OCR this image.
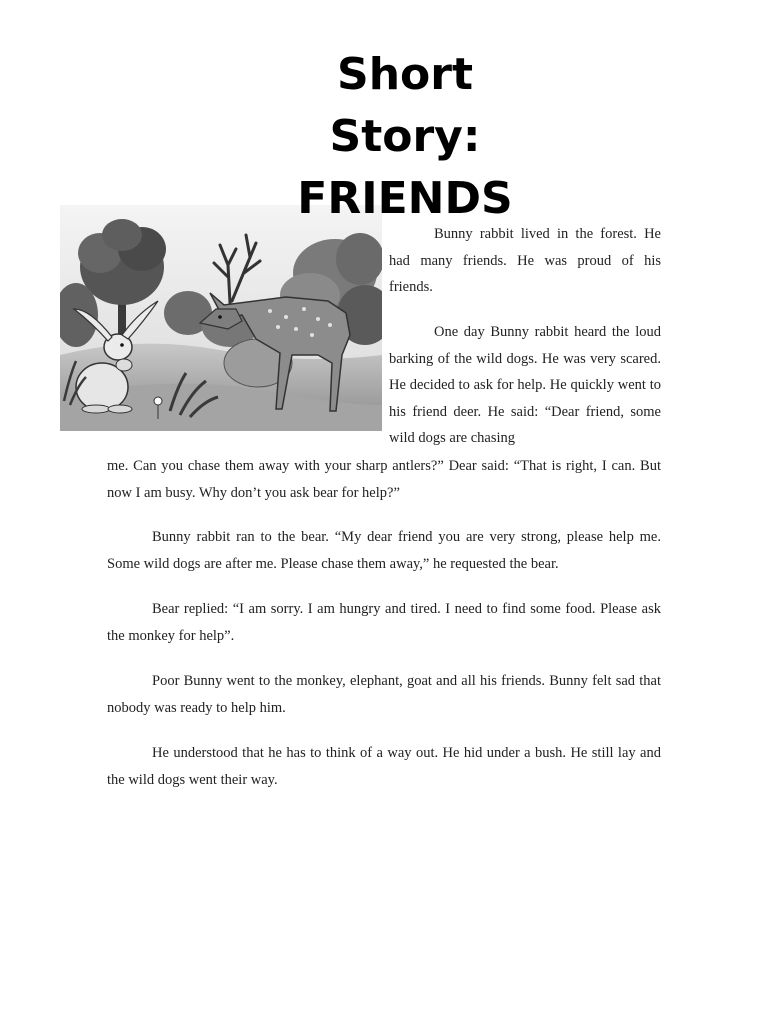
Short
Story:
FRIENDS

Bunny rabbit lived in the forest. He had many friends. He was proud of his friends.

One day Bunny rabbit heard the loud barking of the wild dogs. He was very scared. He decided to ask for help. He quickly went to his friend deer. He said: “Dear friend, some wild dogs are chasing

me. Can you chase them away with your sharp antlers?” Dear said: “That is right, I can. But now I am busy. Why don’t you ask bear for help?”

Bunny rabbit ran to the bear. “My dear friend you are very strong, please help me. Some wild dogs are after me. Please chase them away,” he requested the bear.

Bear replied: “I am sorry. I am hungry and tired. I need to find some food. Please ask the monkey for help”.

Poor Bunny went to the monkey, elephant, goat and all his friends. Bunny felt sad that nobody was ready to help him.

He understood that he has to think of a way out. He hid under a bush. He still lay and the wild dogs went their way.
